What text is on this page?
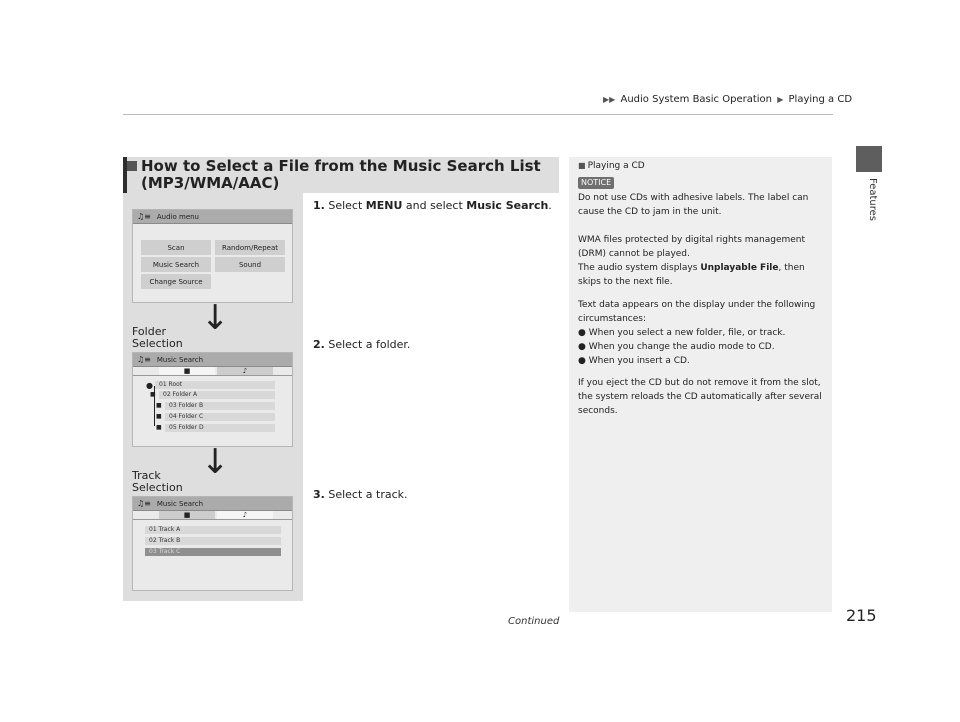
▶▶ Audio System Basic Operation ▶ Playing a CD
Features
How to Select a File from the Music Search List (MP3/WMA/AAC)
♫≡ Audio menu
Scan	Random/Repeat
Music Search	Sound
Change Source
↓
Folder
Selection
♫≡ Music Search
■	♪
●	01 Root
■	02 Folder A
■	03 Folder B
■	04 Folder C
■	05 Folder D
↓
Track
Selection
♫≡ Music Search
■	♪
01 Track A
02 Track B
03 Track C
1. Select MENU and select Music Search.
2. Select a folder.
3. Select a track.
■ Playing a CD
NOTICE
Do not use CDs with adhesive labels. The label can
cause the CD to jam in the unit.
WMA files protected by digital rights management
(DRM) cannot be played.
The audio system displays Unplayable File, then
skips to the next file.
Text data appears on the display under the following
circumstances:
● When you select a new folder, file, or track.
● When you change the audio mode to CD.
● When you insert a CD.
If you eject the CD but do not remove it from the slot,
the system reloads the CD automatically after several
seconds.
Continued	215
